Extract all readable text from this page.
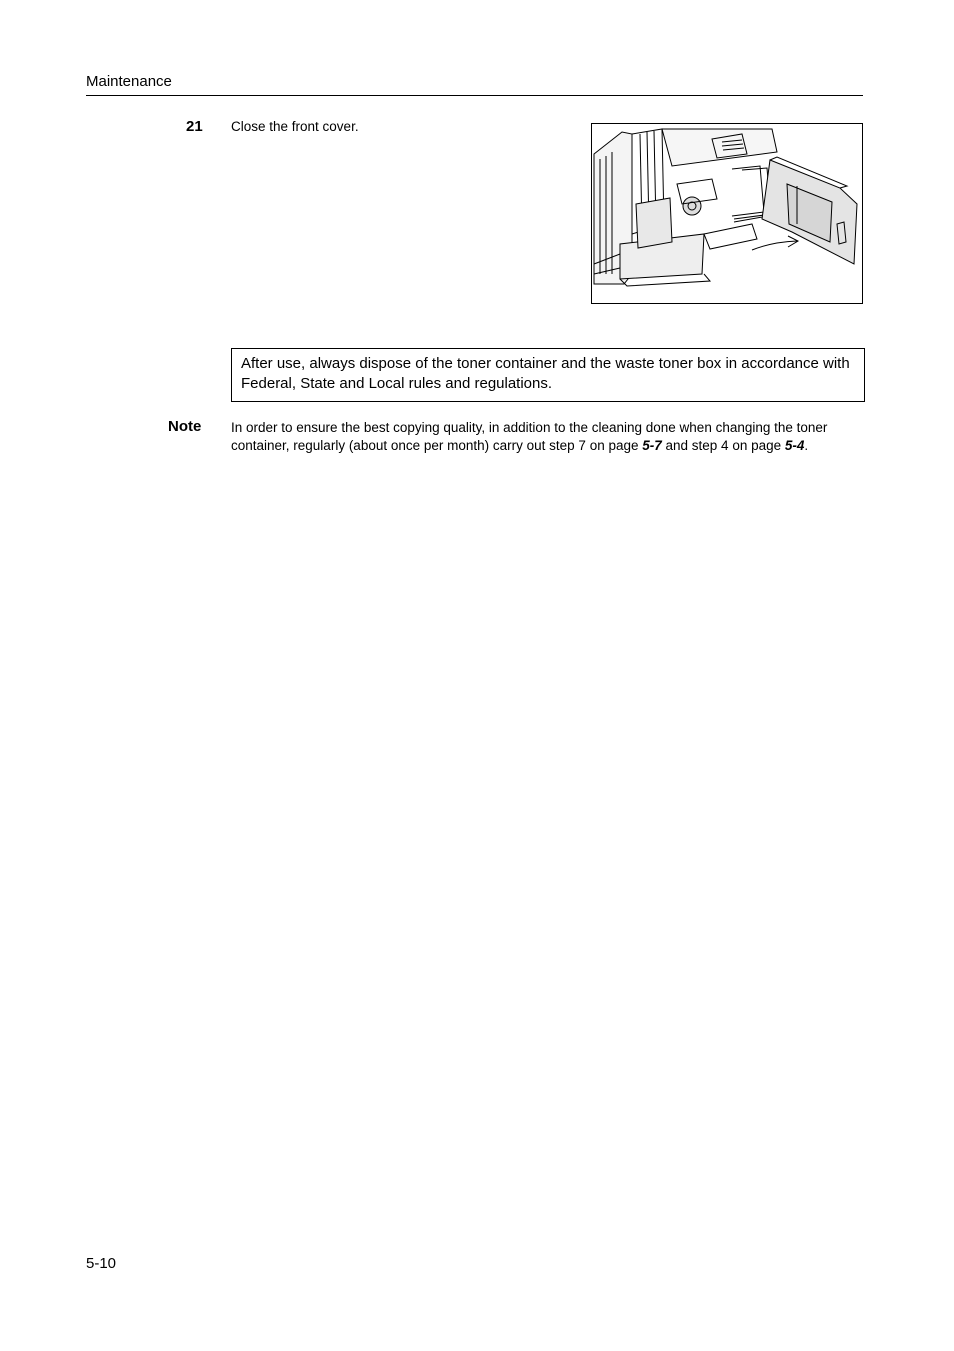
Maintenance
21 Close the front cover.
After use, always dispose of the toner container and the waste toner box in accordance with Federal, State and Local rules and regulations.
Note In order to ensure the best copying quality, in addition to the cleaning done when changing the toner container, regularly (about once per month) carry out step 7 on page 5-7 and step 4 on page 5-4.
5-10
